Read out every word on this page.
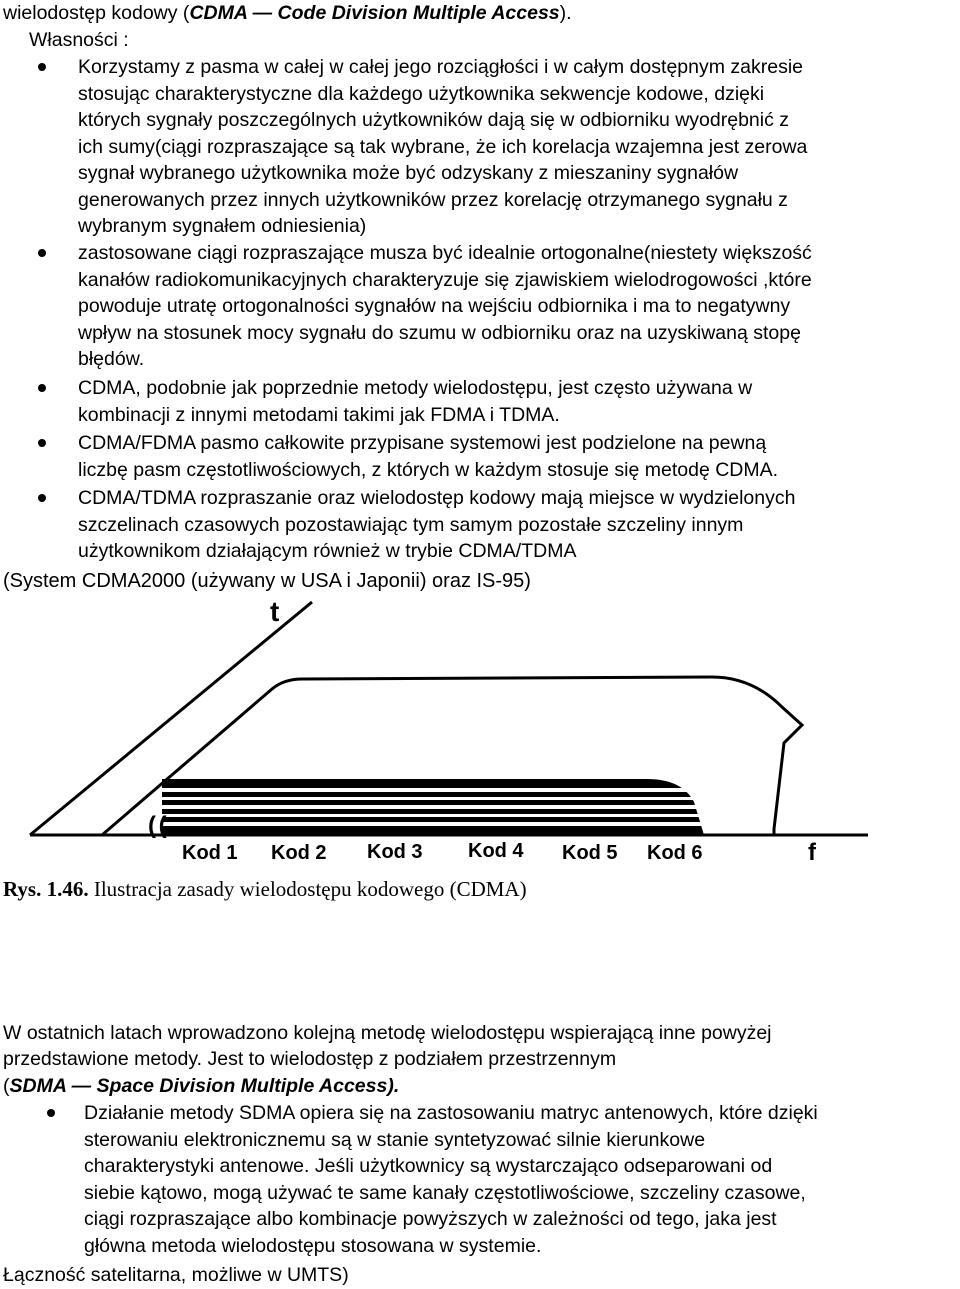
wielodostęp kodowy (CDMA — Code Division Multiple Access).
Własności :
Korzystamy z pasma w całej w całej jego rozciągłości i w całym dostępnym zakresie
stosując charakterystyczne dla każdego użytkownika sekwencje kodowe, dzięki
których sygnały poszczególnych użytkowników dają się w odbiorniku wyodrębnić z
ich sumy(ciągi rozpraszające są tak wybrane, że ich korelacja wzajemna jest zerowa
sygnał wybranego użytkownika może być odzyskany z mieszaniny sygnałów
generowanych przez innych użytkowników przez korelację otrzymanego sygnału z
wybranym sygnałem odniesienia)
zastosowane ciągi rozpraszające musza być idealnie ortogonalne(niestety większość
kanałów radiokomunikacyjnych charakteryzuje się zjawiskiem wielodrogowości ,które
powoduje utratę ortogonalności sygnałów na wejściu odbiornika i ma to negatywny
wpływ na stosunek mocy sygnału do szumu w odbiorniku oraz na uzyskiwaną stopę
błędów.
CDMA, podobnie jak poprzednie metody wielodostępu, jest często używana w
kombinacji z innymi metodami takimi jak FDMA i TDMA.
CDMA/FDMA pasmo całkowite przypisane systemowi jest podzielone na pewną
liczbę pasm częstotliwościowych, z których w każdym stosuje się metodę CDMA.
CDMA/TDMA rozpraszanie oraz wielodostęp kodowy mają miejsce w wydzielonych
szczelinach czasowych pozostawiając tym samym pozostałe szczeliny innym
użytkownikom działającym również w trybie CDMA/TDMA
(System CDMA2000 (używany w USA i Japonii) oraz IS-95)
t
( (
Kod 1 Kod 2 Kod 3 Kod 4 Kod 5 Kod 6	f
Rys. 1.46. Ilustracja zasady wielodostępu kodowego (CDMA)
W ostatnich latach wprowadzono kolejną metodę wielodostępu wspierającą inne powyżej
przedstawione metody. Jest to wielodostęp z podziałem przestrzennym
(SDMA — Space Division Multiple Access).
Działanie metody SDMA opiera się na zastosowaniu matryc antenowych, które dzięki
sterowaniu elektronicznemu są w stanie syntetyzować silnie kierunkowe
charakterystyki antenowe. Jeśli użytkownicy są wystarczająco odseparowani od
siebie kątowo, mogą używać te same kanały częstotliwościowe, szczeliny czasowe,
ciągi rozpraszające albo kombinacje powyższych w zależności od tego, jaka jest
główna metoda wielodostępu stosowana w systemie.
Łączność satelitarna, możliwe w UMTS)
